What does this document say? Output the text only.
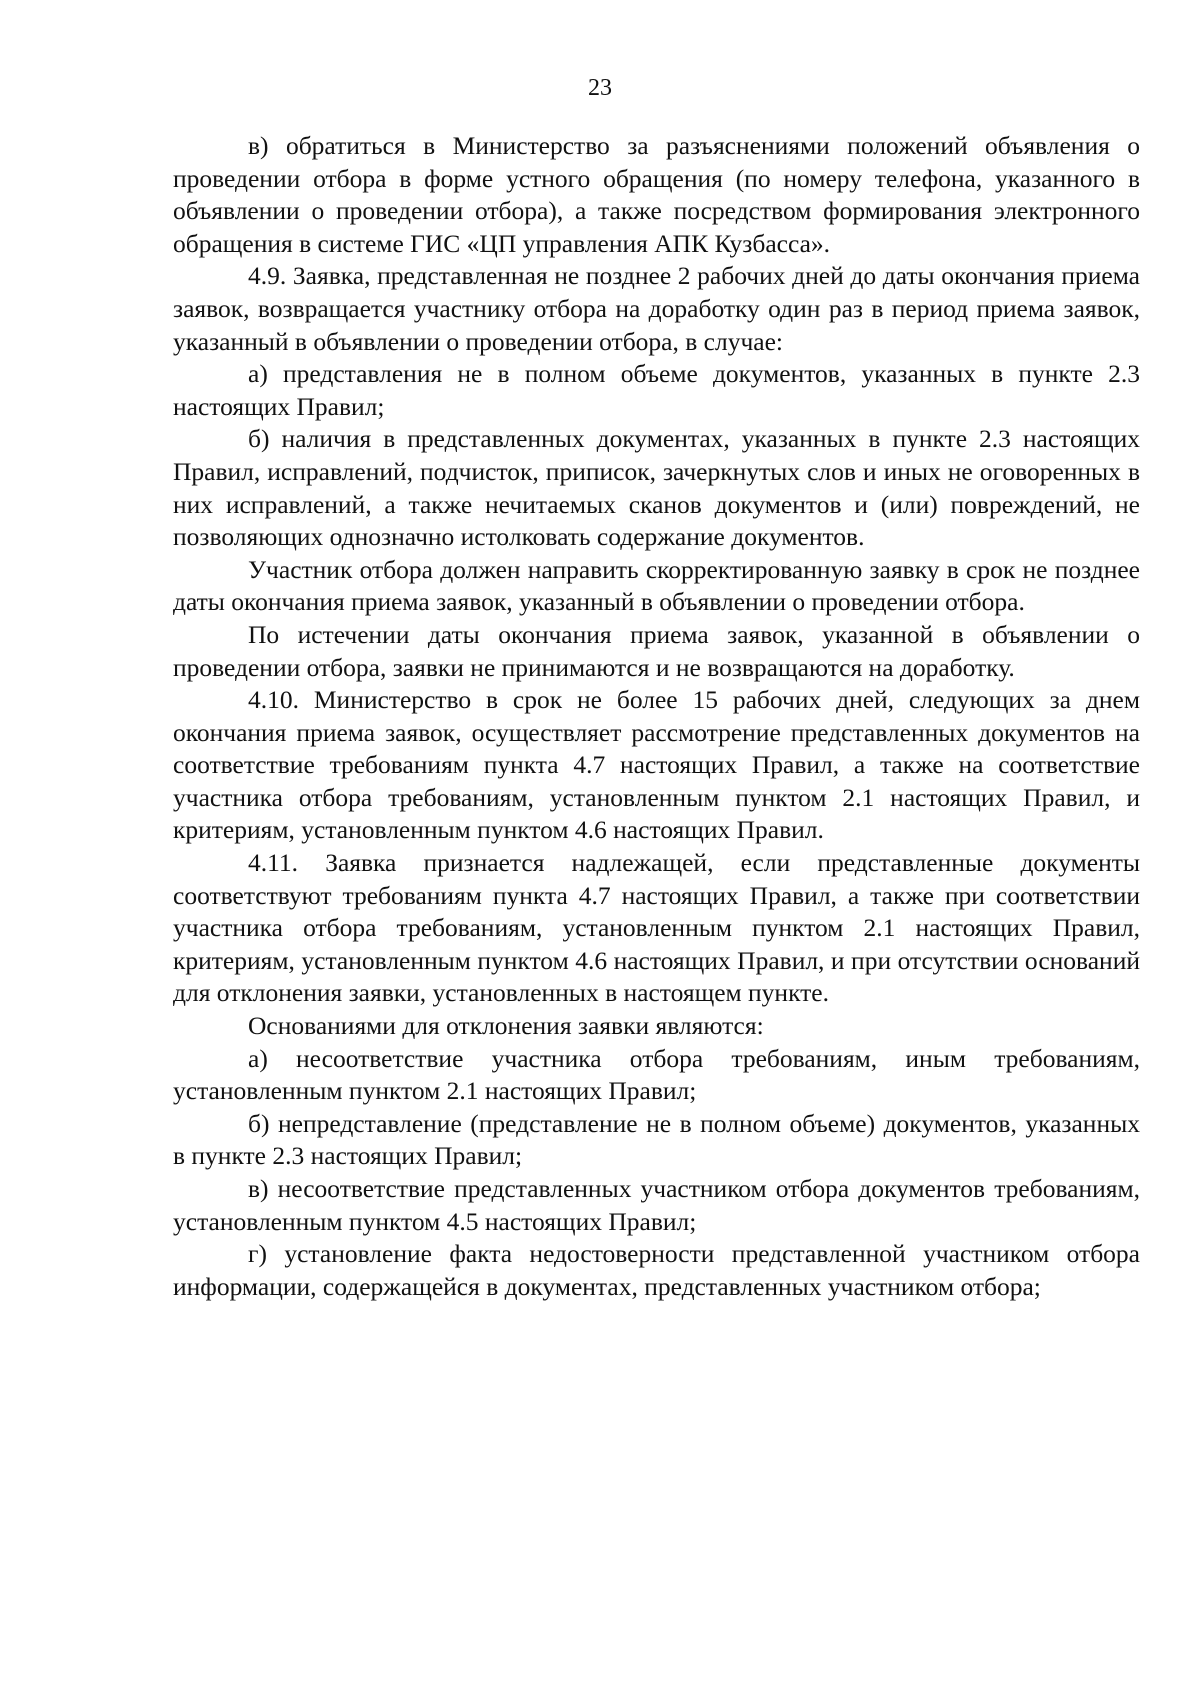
23

в) обратиться в Министерство за разъяснениями положений объявления о проведении отбора в форме устного обращения (по номеру телефона, указанного в объявлении о проведении отбора), а также посредством формирования электронного обращения в системе ГИС «ЦП управления АПК Кузбасса».

4.9. Заявка, представленная не позднее 2 рабочих дней до даты окончания приема заявок, возвращается участнику отбора на доработку один раз в период приема заявок, указанный в объявлении о проведении отбора, в случае:

а) представления не в полном объеме документов, указанных в пункте 2.3 настоящих Правил;

б) наличия в представленных документах, указанных в пункте 2.3 настоящих Правил, исправлений, подчисток, приписок, зачеркнутых слов и иных не оговоренных в них исправлений, а также нечитаемых сканов документов и (или) повреждений, не позволяющих однозначно истолковать содержание документов.

Участник отбора должен направить скорректированную заявку в срок не позднее даты окончания приема заявок, указанный в объявлении о проведении отбора.

По истечении даты окончания приема заявок, указанной в объявлении о проведении отбора, заявки не принимаются и не возвращаются на доработку.

4.10. Министерство в срок не более 15 рабочих дней, следующих за днем окончания приема заявок, осуществляет рассмотрение представленных документов на соответствие требованиям пункта 4.7 настоящих Правил, а также на соответствие участника отбора требованиям, установленным пунктом 2.1 настоящих Правил, и критериям, установленным пунктом 4.6 настоящих Правил.

4.11. Заявка признается надлежащей, если представленные документы соответствуют требованиям пункта 4.7 настоящих Правил, а также при соответствии участника отбора требованиям, установленным пунктом 2.1 настоящих Правил, критериям, установленным пунктом 4.6 настоящих Правил, и при отсутствии оснований для отклонения заявки, установленных в настоящем пункте.

Основаниями для отклонения заявки являются:

а) несоответствие участника отбора требованиям, иным требованиям, установленным пунктом 2.1 настоящих Правил;

б) непредставление (представление не в полном объеме) документов, указанных в пункте 2.3 настоящих Правил;

в) несоответствие представленных участником отбора документов требованиям, установленным пунктом 4.5 настоящих Правил;

г) установление факта недостоверности представленной участником отбора информации, содержащейся в документах, представленных участником отбора;
